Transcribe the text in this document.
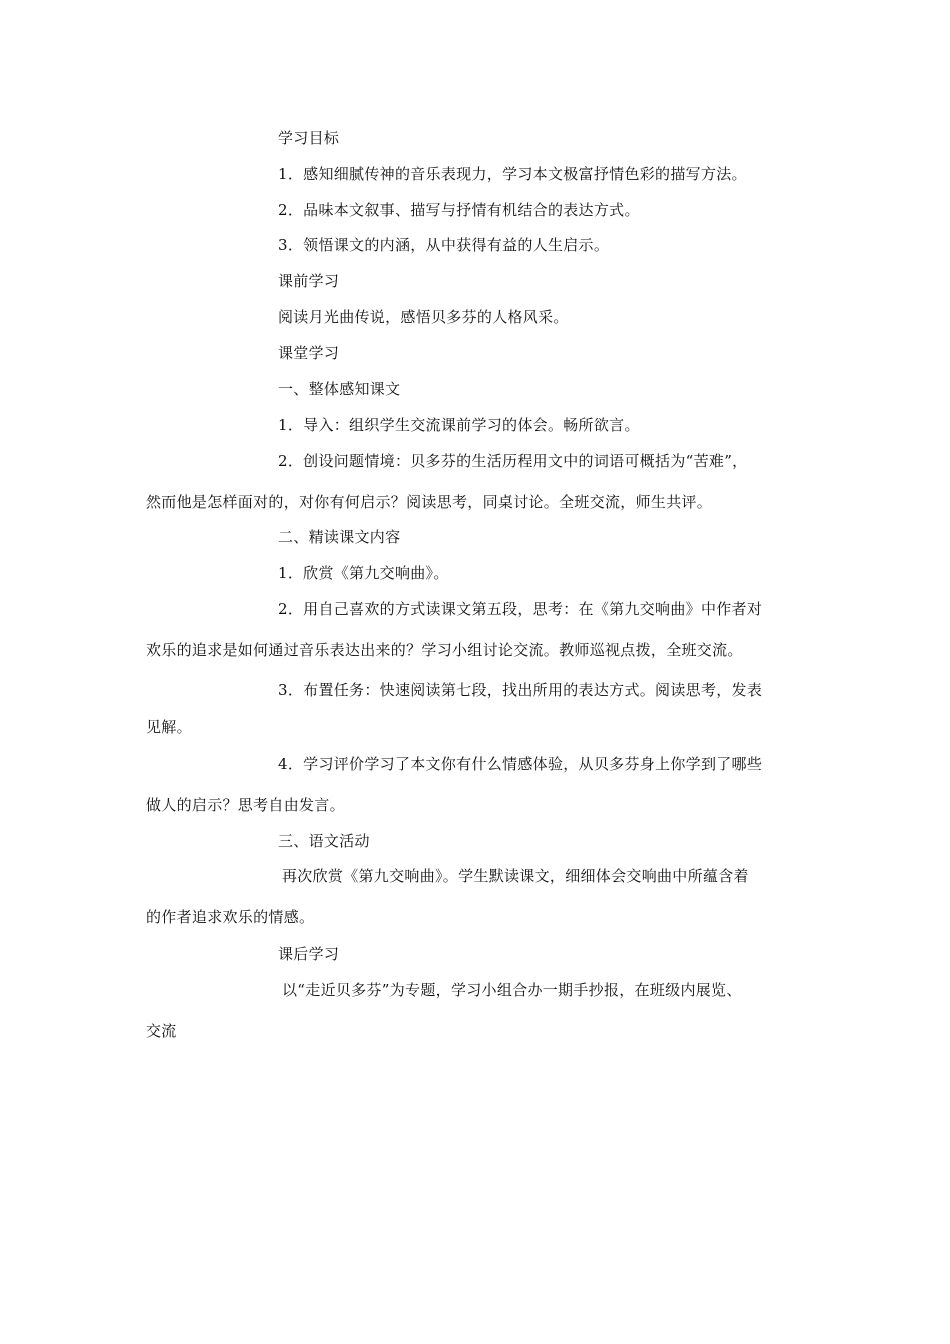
学习目标
1．感知细腻传神的音乐表现力，学习本文极富抒情色彩的描写方法。
2．品味本文叙事、描写与抒情有机结合的表达方式。
3．领悟课文的内涵，从中获得有益的人生启示。
课前学习
阅读月光曲传说，感悟贝多芬的人格风采。
课堂学习
一、整体感知课文
1．导入：组织学生交流课前学习的体会。畅所欲言。
2．创设问题情境：贝多芬的生活历程用文中的词语可概括为“苦难”，
然而他是怎样面对的，对你有何启示？阅读思考，同桌讨论。全班交流，师生共评。
二、精读课文内容
1．欣赏《第九交响曲》。
2．用自己喜欢的方式读课文第五段，思考：在《第九交响曲》中作者对
欢乐的追求是如何通过音乐表达出来的？学习小组讨论交流。教师巡视点拨，全班交流。
3．布置任务：快速阅读第七段，找出所用的表达方式。阅读思考，发表
见解。
4．学习评价学习了本文你有什么情感体验，从贝多芬身上你学到了哪些
做人的启示？思考自由发言。
三、语文活动
再次欣赏《第九交响曲》。学生默读课文，细细体会交响曲中所蕴含着
的作者追求欢乐的情感。
课后学习
以“走近贝多芬”为专题，学习小组合办一期手抄报，在班级内展览、
交流
